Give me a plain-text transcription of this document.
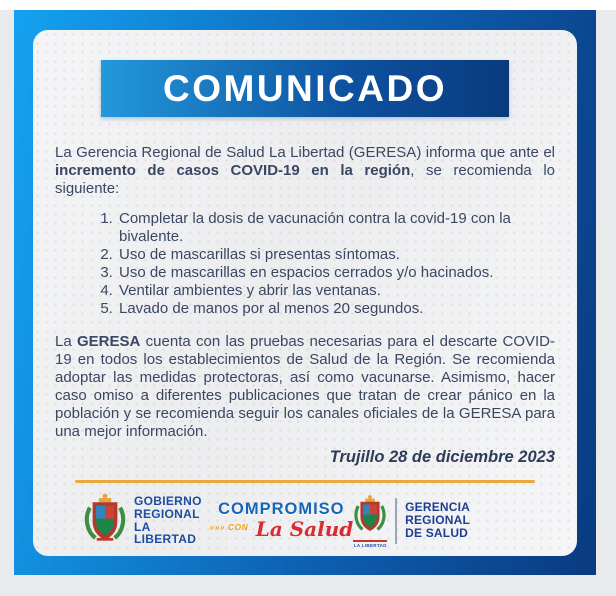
COMUNICADO

La Gerencia Regional de Salud La Libertad (GERESA) informa que ante el incremento de casos COVID-19 en la región, se recomienda lo siguiente:

1. Completar la dosis de vacunación contra la covid-19 con la bivalente.
2. Uso de mascarillas si presentas síntomas.
3. Uso de mascarillas en espacios cerrados y/o hacinados.
4. Ventilar ambientes y abrir las ventanas.
5. Lavado de manos por al menos 20 segundos.

La GERESA cuenta con las pruebas necesarias para el descarte COVID-19 en todos los establecimientos de Salud de la Región. Se recomienda adoptar las medidas protectoras, así como vacunarse. Asimismo, hacer caso omiso a diferentes publicaciones que tratan de crear pánico en la población y se recomienda seguir los canales oficiales de la GERESA para una mejor información.

Trujillo 28 de diciembre 2023

GOBIERNO
REGIONAL
LA LIBERTAD
COMPROMISO
$^{»»» CON}$ La Salud
LA LIBERTAD
GERENCIA REGIONAL
DE SALUD
